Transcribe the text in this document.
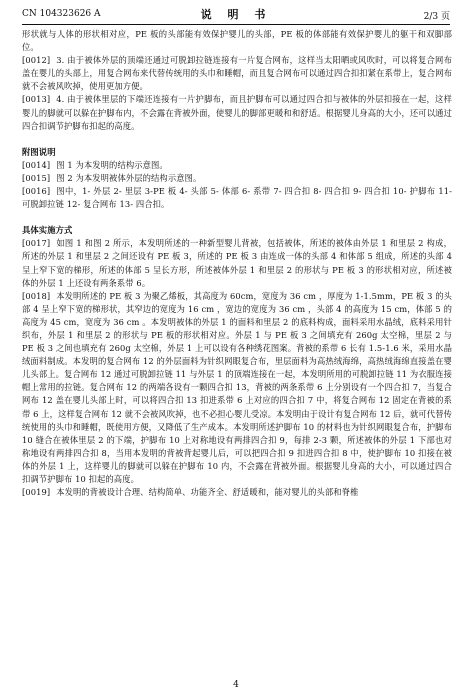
CN 104323626 A	说 明 书	2/3 页

形状就与人体的形状相对应，PE 板的头部能有效保护婴儿的头部，PE 板的体部能有效保护婴儿的躯干和双脚部位。

[0012] 3. 由于被体外层的顶端还通过可脱卸拉链连接有一片复合网布，这样当太阳晒或风吹时，可以将复合网布盖在婴儿的头部上，用复合网布来代替传统用的头巾和睡帽，而且复合网布可以通过四合扣扣紧在系带上，复合网布就不会被风吹掉，使用更加方便。

[0013] 4. 由于被体里层的下端还连接有一片护脚布，而且护脚布可以通过四合扣与被体的外层扣接在一起，这样婴儿的脚就可以躲在护脚布内，不会露在背被外面，使婴儿的脚部更暖和和舒适。根据婴儿身高的大小，还可以通过四合扣调节护脚布扣起的高度。

附图说明

[0014] 图 1 为本发明的结构示意图。

[0015] 图 2 为本发明被体外层的结构示意图。

[0016] 图中，1- 外层 2- 里层 3-PE 板 4- 头部 5- 体部 6- 系带 7- 四合扣 8- 四合扣 9- 四合扣 10- 护脚布 11- 可脱卸拉链 12- 复合网布 13- 四合扣。

具体实施方式

[0017] 如图 1 和图 2 所示，本发明所述的一种新型婴儿背被，包括被体，所述的被体由外层 1 和里层 2 构成，所述的外层 1 和里层 2 之间还设有 PE 板 3，所述的 PE 板 3 由连成一体的头部 4 和体部 5 组成，所述的头部 4 呈上窄下宽的梯形，所述的体部 5 呈长方形，所述被体外层 1 和里层 2 的形状与 PE 板 3 的形状相对应，所述被体的外层 1 上还设有两条系带 6。

[0018] 本发明所述的 PE 板 3 为聚乙烯板，其高度为 60cm，宽度为 36 cm ，厚度为 1-1.5mm，PE 板 3 的头部 4 呈上窄下宽的梯形状，其窄边的宽度为 16 cm ，宽边的宽度为 36 cm ，头部 4 的高度为 15 cm，体部 5 的高度为 45 cm，宽度为 36 cm 。本发明被体的外层 1 的面料和里层 2 的底料构成，面料采用水晶绒，底料采用针织布，外层 1 和里层 2 的形状与 PE 板的形状相对应。外层 1 与 PE 板 3 之间填充有 260g 太空棉，里层 2 与 PE 板 3 之间也填充有 260g 太空棉，外层 1 上可以设有各种绣花图案。背被的系带 6 长有 1.5-1.6 米，采用水晶绒面料制成。本发明的复合网布 12 的外层面料为针织网眼复合布，里层面料为高热绒海绵，高热绒海绵直接盖在婴儿头部上。复合网布 12 通过可脱卸拉链 11 与外层 1 的顶端连接在一起，本发明所用的可脱卸拉链 11 为衣服连接帽上常用的拉链。复合网布 12 的两端各设有一颗四合扣 13，背被的两条系带 6 上分别设有一个四合扣 7，当复合网布 12 盖在婴儿头部上时，可以将四合扣 13 扣进系带 6 上对应的四合扣 7 中，将复合网布 12 固定在背被的系带 6 上，这样复合网布 12 就不会被风吹掉，也不必担心婴儿受凉。本发明由于设计有复合网布 12 后，就可代替传统使用的头巾和睡帽，既使用方便，又降低了生产成本。本发明所述护脚布 10 的材料也为针织网眼复合布，护脚布 10 缝合在被体里层 2 的下端，护脚布 10 上对称地设有两排四合扣 9，每排 2-3 颗，所述被体的外层 1 下部也对称地设有两排四合扣 8，当用本发明的背被背起婴儿后，可以把四合扣 9 扣进四合扣 8 中，使护脚布 10 扣接在被体的外层 1 上，这样婴儿的脚就可以躲在护脚布 10 内，不会露在背被外面。根据婴儿身高的大小，可以通过四合扣调节护脚布 10 扣起的高度。

[0019] 本发明的背被设计合理、结构简单、功能齐全、舒适暖和，能对婴儿的头部和脊椎

4
